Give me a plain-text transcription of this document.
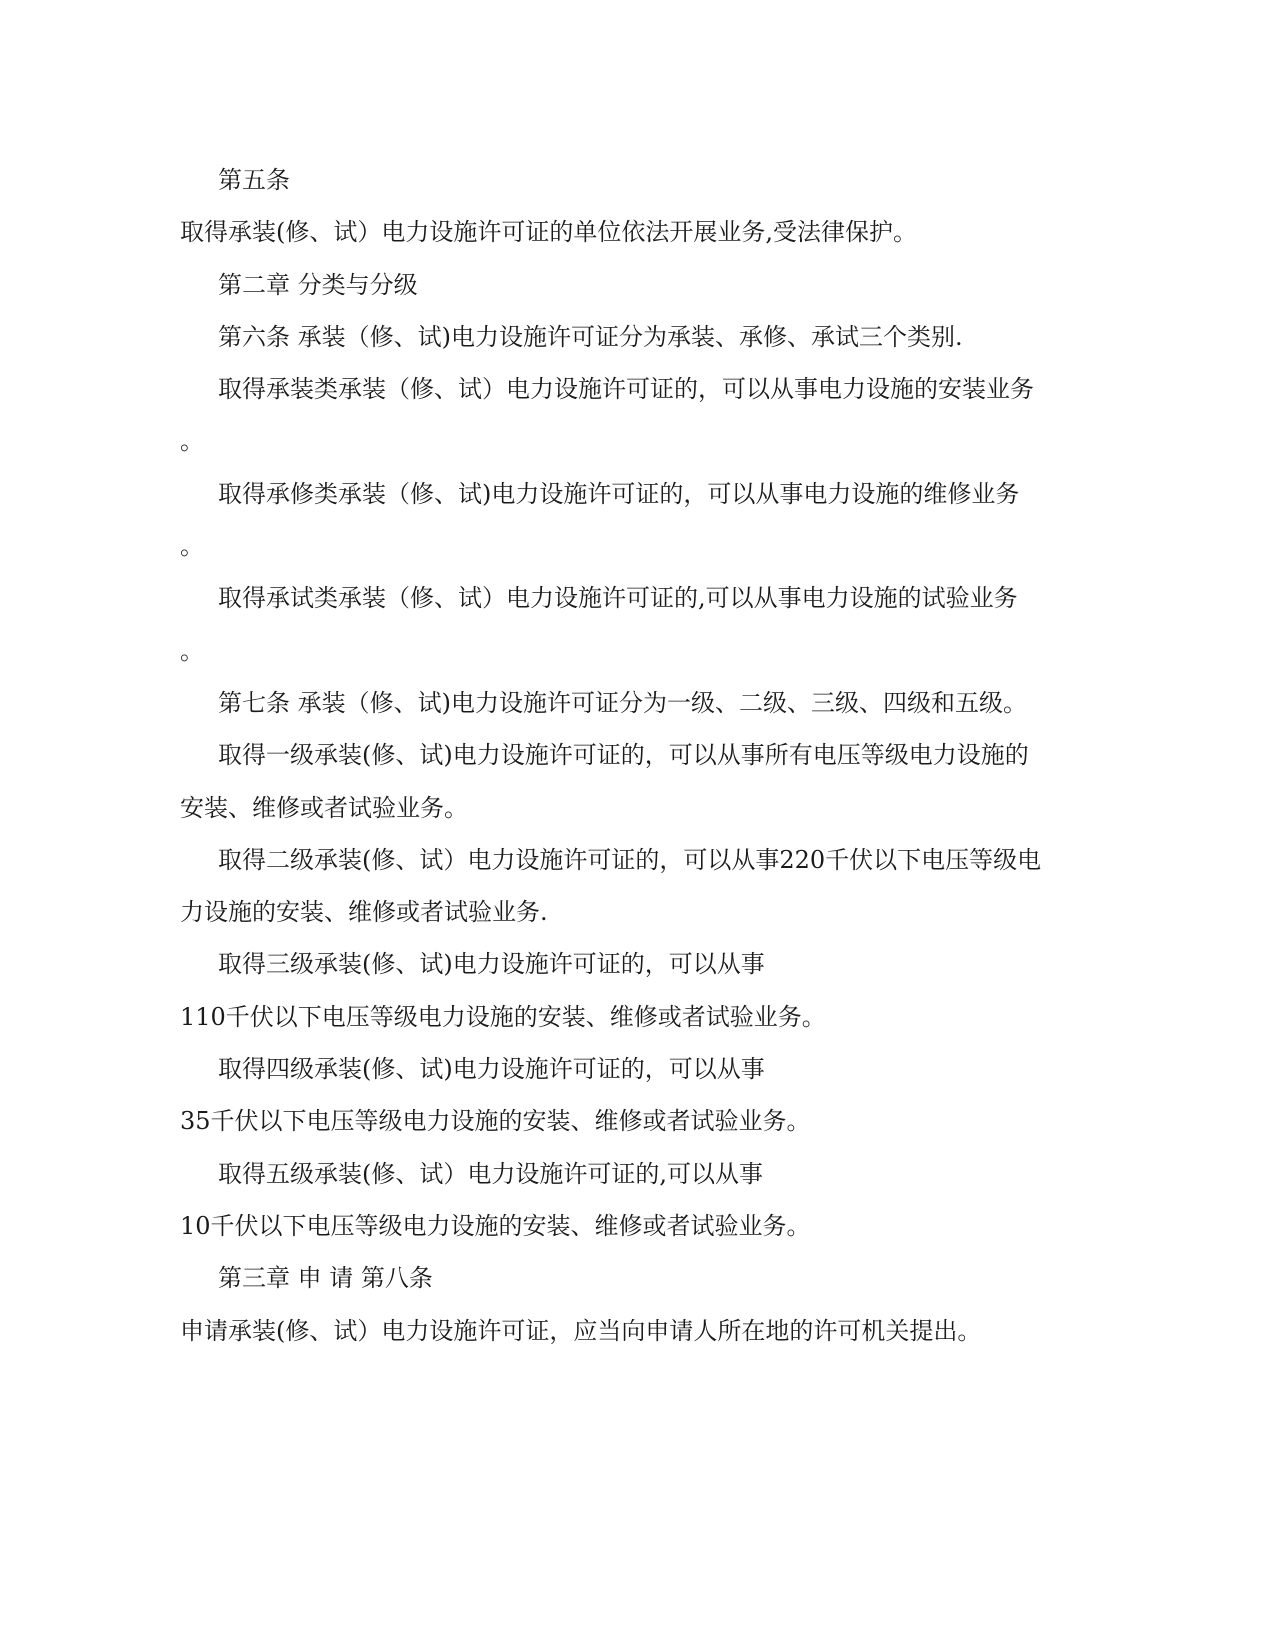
第五条
取得承装(修、试）电力设施许可证的单位依法开展业务,受法律保护。
第二章 分类与分级
第六条 承装（修、试)电力设施许可证分为承装、承修、承试三个类别.
取得承装类承装（修、试）电力设施许可证的，可以从事电力设施的安装业务
。
取得承修类承装（修、试)电力设施许可证的，可以从事电力设施的维修业务
。
取得承试类承装（修、试）电力设施许可证的,可以从事电力设施的试验业务
。
第七条 承装（修、试)电力设施许可证分为一级、二级、三级、四级和五级。
取得一级承装(修、试)电力设施许可证的，可以从事所有电压等级电力设施的
安装、维修或者试验业务。
取得二级承装(修、试）电力设施许可证的，可以从事220千伏以下电压等级电
力设施的安装、维修或者试验业务.
取得三级承装(修、试)电力设施许可证的，可以从事
110千伏以下电压等级电力设施的安装、维修或者试验业务。
取得四级承装(修、试)电力设施许可证的，可以从事
35千伏以下电压等级电力设施的安装、维修或者试验业务。
取得五级承装(修、试）电力设施许可证的,可以从事
10千伏以下电压等级电力设施的安装、维修或者试验业务。
第三章 申 请 第八条
申请承装(修、试）电力设施许可证，应当向申请人所在地的许可机关提出。
